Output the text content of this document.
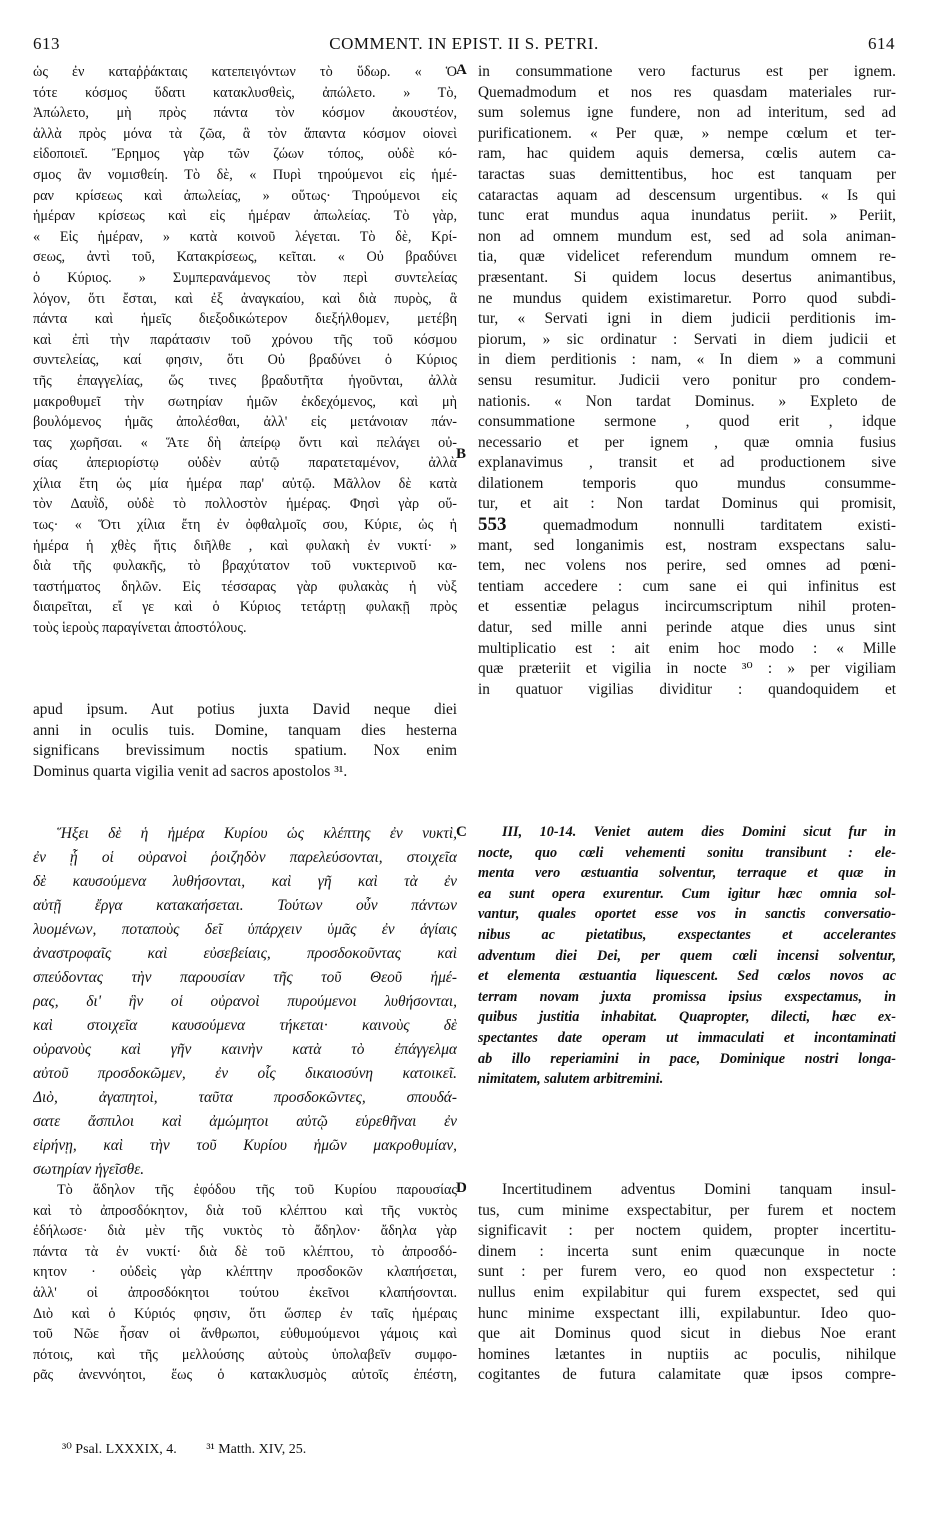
613	COMMENT. IN EPIST. II S. PETRI.	614
ὡς ἐν καταῤῥάκταις κατεπειγόντων τὸ ὕδωρ. « Ὁ
τότε κόσμος ὕδατι κατακλυσθεὶς, ἀπώλετο. » Τὸ,
Ἀπώλετο, μὴ πρὸς πάντα τὸν κόσμον ἀκουστέον,
ἀλλὰ πρὸς μόνα τὰ ζῶα, ἃ τὸν ἅπαντα κόσμον οἱονεὶ
εἰδοποιεῖ. Ἔρημος γὰρ τῶν ζώων τόπος, οὐδὲ κό-
σμος ἂν νομισθείη. Τὸ δὲ, « Πυρὶ τηρούμενοι εἰς ἡμέ-
ραν κρίσεως καὶ ἀπωλείας, » οὕτως· Τηρούμενοι εἰς
ἡμέραν κρίσεως καὶ εἰς ἡμέραν ἀπωλείας. Τὸ γὰρ,
« Εἰς ἡμέραν, » κατὰ κοινοῦ λέγεται. Τὸ δὲ, Κρί-
σεως, ἀντὶ τοῦ, Κατακρίσεως, κεῖται. « Οὐ βραδύνει
ὁ Κύριος. » Συμπερανάμενος τὸν περὶ συντελείας
λόγον, ὅτι ἔσται, καὶ ἐξ ἀναγκαίου, καὶ διὰ πυρὸς, ἃ
πάντα καὶ ἡμεῖς διεξοδικώτερον διεξήλθομεν, μετέβη
καὶ ἐπὶ τὴν παράτασιν τοῦ χρόνου τῆς τοῦ κόσμου
συντελείας, καί φησιν, ὅτι Οὐ βραδύνει ὁ Κύριος
τῆς ἐπαγγελίας, ὥς τινες βραδυτῆτα ἡγοῦνται, ἀλλὰ
μακροθυμεῖ τὴν σωτηρίαν ἡμῶν ἐκδεχόμενος, καὶ μὴ
βουλόμενος ἡμᾶς ἀπολέσθαι, ἀλλ' εἰς μετάνοιαν πάν-
τας χωρῆσαι. « Ἅτε δὴ ἀπείρῳ ὄντι καὶ πελάγει οὐ-
σίας ἀπεριορίστῳ οὐδὲν αὐτῷ παρατεταμένον, ἀλλὰ
χίλια ἔτη ὡς μία ἡμέρα παρ' αὐτῷ. Μᾶλλον δὲ κατὰ
τὸν Δαυῒδ, οὐδὲ τὸ πολλοστὸν ἡμέρας. Φησὶ γὰρ οὕ-
τως· « Ὅτι χίλια ἔτη ἐν ὀφθαλμοῖς σου, Κύριε, ὡς ἡ
ἡμέρα ἡ χθὲς ἥτις διῆλθε , καὶ φυλακὴ ἐν νυκτί· »
διὰ τῆς φυλακῆς, τὸ βραχύτατον τοῦ νυκτερινοῦ κα-
ταστήματος δηλῶν. Εἰς τέσσαρας γὰρ φυλακὰς ἡ νὺξ
διαιρεῖται, εἴ γε καὶ ὁ Κύριος τετάρτῃ φυλακῇ πρὸς
τοὺς ἱεροὺς παραγίνεται ἀποστόλους.
apud ipsum. Aut potius juxta David neque diei
anni in oculis tuis. Domine, tanquam dies hesterna
significans brevissimum noctis spatium. Nox enim
Dominus quarta vigilia venit ad sacros apostolos ³¹.
in consummatione vero facturus est per ignem.
Quemadmodum et nos res quasdam materiales rur-
sum solemus igne fundere, non ad interitum, sed ad
purificationem. « Per quæ, » nempe cœlum et ter-
ram, hac quidem aquis demersa, cœlis autem ca-
taractas suas demittentibus, hoc est tanquam per
cataractas aquam ad descensum urgentibus. « Is qui
tunc erat mundus aqua inundatus periit. » Periit,
non ad omnem mundum est, sed ad sola animan-
tia, quæ videlicet referendum mundum omnem re-
præsentant. Si quidem locus desertus animantibus,
ne mundus quidem existimaretur. Porro quod subdi-
tur, « Servati igni in diem judicii perditionis im-
piorum, » sic ordinatur : Servati in diem judicii et
in diem perditionis : nam, « In diem » a communi
sensu resumitur. Judicii vero ponitur pro condem-
nationis. « Non tardat Dominus. » Expleto de
consummatione sermone , quod erit , idque
necessario et per ignem , quæ omnia fusius
explanavimus , transit et ad productionem sive
dilationem temporis quo mundus consumme-
tur, et ait : Non tardat Dominus qui promisit,
553 quemadmodum nonnulli tarditatem existi-
mant, sed longanimis est, nostram exspectans salu-
tem, nec volens nos perire, sed omnes ad pœni-
tentiam accedere : cum sane ei qui infinitus est
et essentiæ pelagus incircumscriptum nihil proten-
datur, sed mille anni perinde atque dies unus sint
multiplicatio est : ait enim hoc modo : « Mille
quæ præteriit et vigilia in nocte ³⁰ : » per vigiliam
in quatuor vigilias dividitur : quandoquidem et
Ἥξει δὲ ἡ ἡμέρα Κυρίου ὡς κλέπτης ἐν νυκτὶ,
ἐν ᾗ οἱ οὐρανοὶ ῥοιζηδὸν παρελεύσονται, στοιχεῖα
δὲ καυσούμενα λυθήσονται, καὶ γῆ καὶ τὰ ἐν
αὐτῇ ἔργα κατακαήσεται. Τούτων οὖν πάντων
λυομένων, ποταποὺς δεῖ ὑπάρχειν ὑμᾶς ἐν ἁγίαις
ἀναστροφαῖς καὶ εὐσεβείαις, προσδοκοῦντας καὶ
σπεύδοντας τὴν παρουσίαν τῆς τοῦ Θεοῦ ἡμέ-
ρας, δι' ἣν οἱ οὐρανοὶ πυρούμενοι λυθήσονται,
καὶ στοιχεῖα καυσούμενα τήκεται· καινοὺς δὲ
οὐρανοὺς καὶ γῆν καινὴν κατὰ τὸ ἐπάγγελμα
αὐτοῦ προσδοκῶμεν, ἐν οἷς δικαιοσύνη κατοικεῖ.
Διὸ, ἀγαπητοὶ, ταῦτα προσδοκῶντες, σπουδά-
σατε ἄσπιλοι καὶ ἀμώμητοι αὐτῷ εὑρεθῆναι ἐν
εἰρήνῃ, καὶ τὴν τοῦ Κυρίου ἡμῶν μακροθυμίαν,
σωτηρίαν ἡγεῖσθε.
III, 10-14. Veniet autem dies Domini sicut fur in
nocte, quo cœli vehementi sonitu transibunt : ele-
menta vero æstuantia solventur, terraque et quæ in
ea sunt opera exurentur. Cum igitur hæc omnia sol-
vantur, quales oportet esse vos in sanctis conversatio-
nibus ac pietatibus, exspectantes et accelerantes
adventum diei Dei, per quem cœli incensi solventur,
et elementa æstuantia liquescent. Sed cœlos novos ac
terram novam juxta promissa ipsius exspectamus, in
quibus justitia inhabitat. Quapropter, dilecti, hæc ex-
spectantes date operam ut immaculati et incontaminati
ab illo reperiamini in pace, Dominique nostri longa-
nimitatem, salutem arbitremini.
Τὸ ἄδηλον τῆς ἐφόδου τῆς τοῦ Κυρίου παρουσίας
καὶ τὸ ἀπροσδόκητον, διὰ τοῦ κλέπτου καὶ τῆς νυκτὸς
ἐδήλωσε· διὰ μὲν τῆς νυκτὸς τὸ ἄδηλον· ἄδηλα γὰρ
πάντα τὰ ἐν νυκτί· διὰ δὲ τοῦ κλέπτου, τὸ ἀπροσδό-
κητον · οὐδεὶς γὰρ κλέπτην προσδοκῶν κλαπήσεται,
ἀλλ' οἱ ἀπροσδόκητοι τούτου ἐκεῖνοι κλαπήσονται.
Διὸ καὶ ὁ Κύριός φησιν, ὅτι ὥσπερ ἐν ταῖς ἡμέραις
τοῦ Νῶε ἦσαν οἱ ἄνθρωποι, εὐθυμούμενοι γάμοις καὶ
πότοις, καὶ τῆς μελλούσης αὐτοὺς ὑπολαβεῖν συμφο-
ρᾶς ἀνεννόητοι, ἕως ὁ κατακλυσμὸς αὐτοῖς ἐπέστη,
Incertitudinem adventus Domini tanquam insul-
tus, cum minime exspectabitur, per furem et noctem
significavit : per noctem quidem, propter incertitu-
dinem : incerta sunt enim quæcunque in nocte
sunt : per furem vero, eo quod non exspectetur :
nullus enim expilabitur qui furem exspectet, sed qui
hunc minime exspectant illi, expilabuntur. Ideo quo-
que ait Dominus quod sicut in diebus Noe erant
homines lætantes in nuptiis ac poculis, nihilque
cogitantes de futura calamitate quæ ipsos compre-
A
B
C
D
³⁰ Psal. LXXXIX, 4. ³¹ Matth. XIV, 25.
